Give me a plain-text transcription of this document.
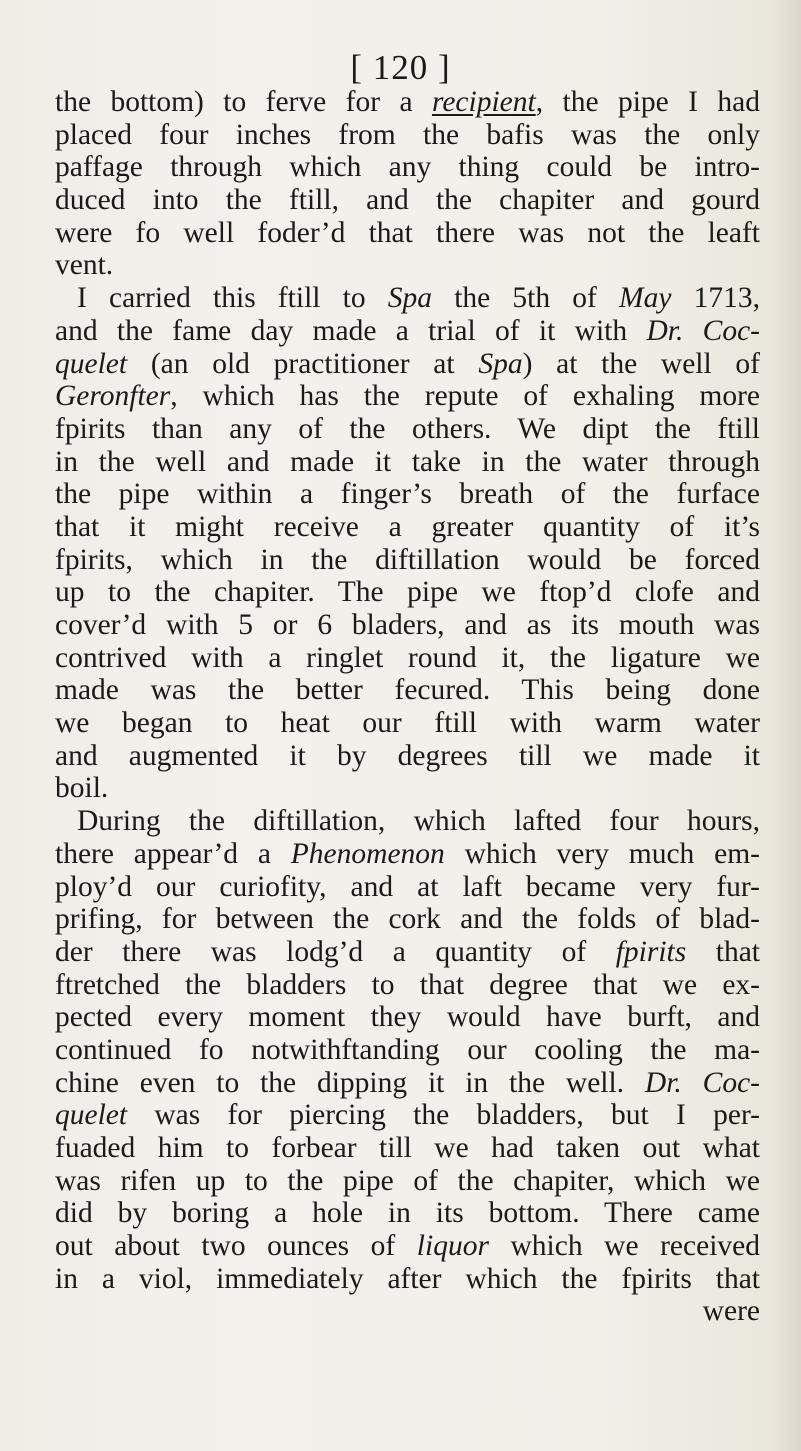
[ 120 ]
the bottom) to ferve for a recipient, the pipe I had
placed four inches from the bafis was the only
paffage through which any thing could be intro-
duced into the ftill, and the chapiter and gourd
were fo well foder’d that there was not the leaft
vent.
I carried this ftill to Spa the 5th of May 1713,
and the fame day made a trial of it with Dr. Coc-
quelet (an old practitioner at Spa) at the well of
Geronfter, which has the repute of exhaling more
fpirits than any of the others. We dipt the ftill
in the well and made it take in the water through
the pipe within a finger’s breath of the furface
that it might receive a greater quantity of it’s
fpirits, which in the diftillation would be forced
up to the chapiter. The pipe we ftop’d clofe and
cover’d with 5 or 6 bladers, and as its mouth was
contrived with a ringlet round it, the ligature we
made was the better fecured. This being done
we began to heat our ftill with warm water
and augmented it by degrees till we made it
boil.
During the diftillation, which lafted four hours,
there appear’d a Phenomenon which very much em-
ploy’d our curiofity, and at laft became very fur-
prifing, for between the cork and the folds of blad-
der there was lodg’d a quantity of fpirits that
ftretched the bladders to that degree that we ex-
pected every moment they would have burft, and
continued fo notwithftanding our cooling the ma-
chine even to the dipping it in the well. Dr. Coc-
quelet was for piercing the bladders, but I per-
fuaded him to forbear till we had taken out what
was rifen up to the pipe of the chapiter, which we
did by boring a hole in its bottom. There came
out about two ounces of liquor which we received
in a viol, immediately after which the fpirits that
were
